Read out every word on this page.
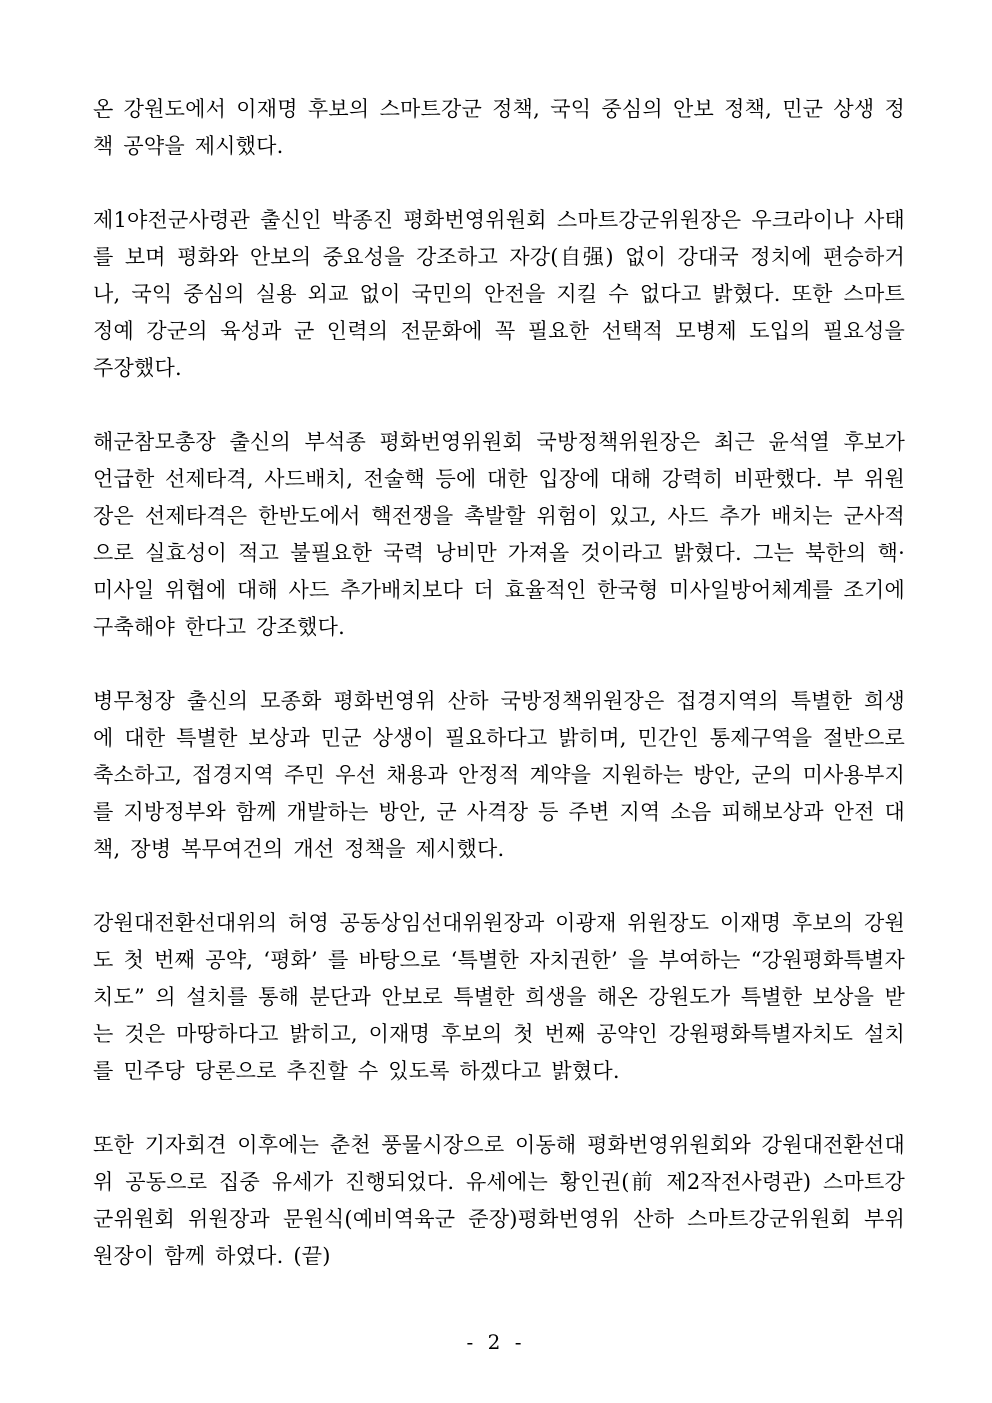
온 강원도에서 이재명 후보의 스마트강군 정책, 국익 중심의 안보 정책, 민군 상생 정책 공약을 제시했다.

제1야전군사령관 출신인 박종진 평화번영위원회 스마트강군위원장은 우크라이나 사태를 보며 평화와 안보의 중요성을 강조하고 자강(自强) 없이 강대국 정치에 편승하거나, 국익 중심의 실용 외교 없이 국민의 안전을 지킬 수 없다고 밝혔다. 또한 스마트 정예 강군의 육성과 군 인력의 전문화에 꼭 필요한 선택적 모병제 도입의 필요성을 주장했다.

해군참모총장 출신의 부석종 평화번영위원회 국방정책위원장은 최근 윤석열 후보가 언급한 선제타격, 사드배치, 전술핵 등에 대한 입장에 대해 강력히 비판했다. 부 위원장은 선제타격은 한반도에서 핵전쟁을 촉발할 위험이 있고, 사드 추가 배치는 군사적으로 실효성이 적고 불필요한 국력 낭비만 가져올 것이라고 밝혔다. 그는 북한의 핵·미사일 위협에 대해 사드 추가배치보다 더 효율적인 한국형 미사일방어체계를 조기에 구축해야 한다고 강조했다.

병무청장 출신의 모종화 평화번영위 산하 국방정책위원장은 접경지역의 특별한 희생에 대한 특별한 보상과 민군 상생이 필요하다고 밝히며, 민간인 통제구역을 절반으로 축소하고, 접경지역 주민 우선 채용과 안정적 계약을 지원하는 방안, 군의 미사용부지를 지방정부와 함께 개발하는 방안, 군 사격장 등 주변 지역 소음 피해보상과 안전 대책, 장병 복무여건의 개선 정책을 제시했다.

강원대전환선대위의 허영 공동상임선대위원장과 이광재 위원장도 이재명 후보의 강원도 첫 번째 공약, ‘평화’ 를 바탕으로 ‘특별한 자치권한’ 을 부여하는 “강원평화특별자치도” 의 설치를 통해 분단과 안보로 특별한 희생을 해온 강원도가 특별한 보상을 받는 것은 마땅하다고 밝히고, 이재명 후보의 첫 번째 공약인 강원평화특별자치도 설치를 민주당 당론으로 추진할 수 있도록 하겠다고 밝혔다.

또한 기자회견 이후에는 춘천 풍물시장으로 이동해 평화번영위원회와 강원대전환선대위 공동으로 집중 유세가 진행되었다. 유세에는 황인권(前 제2작전사령관) 스마트강군위원회 위원장과 문원식(예비역육군 준장)평화번영위 산하 스마트강군위원회 부위원장이 함께 하였다. (끝)

- 2 -
